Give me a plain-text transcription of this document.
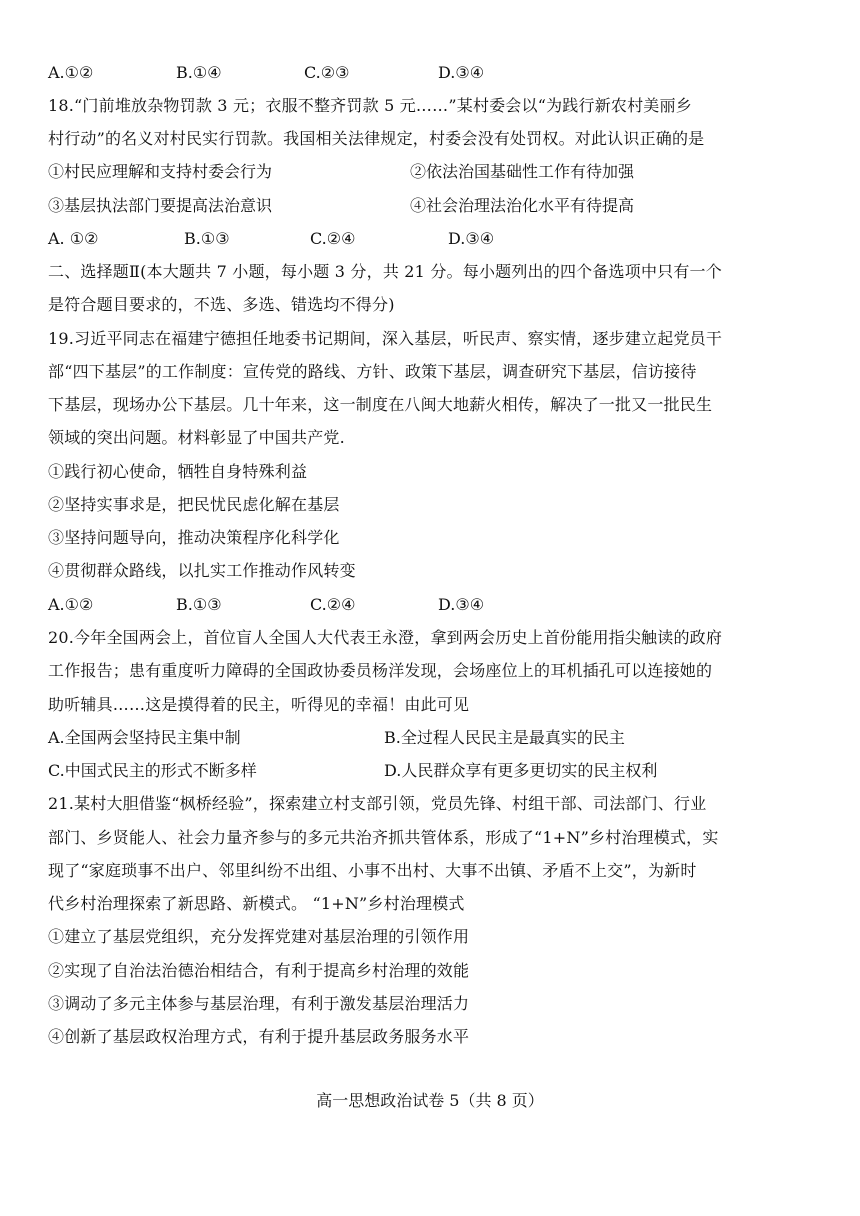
A.①②	B.①④	C.②③	D.③④
18.“门前堆放杂物罚款 3 元；衣服不整齐罚款 5 元……”某村委会以“为践行新农村美丽乡
村行动”的名义对村民实行罚款。我国相关法律规定，村委会没有处罚权。对此认识正确的是
①村民应理解和支持村委会行为	②依法治国基础性工作有待加强
③基层执法部门要提高法治意识	④社会治理法治化水平有待提高
A. ①②	B.①③	C.②④	D.③④
二、选择题Ⅱ(本大题共 7 小题，每小题 3 分，共 21 分。每小题列出的四个备选项中只有一个
是符合题目要求的，不选、多选、错选均不得分)
19.习近平同志在福建宁德担任地委书记期间，深入基层，听民声、察实情，逐步建立起党员干
部“四下基层”的工作制度：宣传党的路线、方针、政策下基层，调查研究下基层，信访接待
下基层，现场办公下基层。几十年来，这一制度在八闽大地薪火相传，解决了一批又一批民生
领域的突出问题。材料彰显了中国共产党.
①践行初心使命，牺牲自身特殊利益
②坚持实事求是，把民忧民虑化解在基层
③坚持问题导向，推动决策程序化科学化
④贯彻群众路线，以扎实工作推动作风转变
A.①②	B.①③	C.②④	D.③④
20.今年全国两会上，首位盲人全国人大代表王永澄，拿到两会历史上首份能用指尖触读的政府
工作报告；患有重度听力障碍的全国政协委员杨洋发现，会场座位上的耳机插孔可以连接她的
助听辅具……这是摸得着的民主，听得见的幸福！由此可见
A.全国两会坚持民主集中制	B.全过程人民民主是最真实的民主
C.中国式民主的形式不断多样	D.人民群众享有更多更切实的民主权利
21.某村大胆借鉴“枫桥经验”，探索建立村支部引领，党员先锋、村组干部、司法部门、行业
部门、乡贤能人、社会力量齐参与的多元共治齐抓共管体系，形成了“1+N”乡村治理模式，实
现了“家庭琐事不出户、邻里纠纷不出组、小事不出村、大事不出镇、矛盾不上交”，为新时
代乡村治理探索了新思路、新模式。 “1+N”乡村治理模式
①建立了基层党组织，充分发挥党建对基层治理的引领作用
②实现了自治法治德治相结合，有利于提高乡村治理的效能
③调动了多元主体参与基层治理，有利于激发基层治理活力
④创新了基层政权治理方式，有利于提升基层政务服务水平
高一思想政治试卷 5（共 8 页）
